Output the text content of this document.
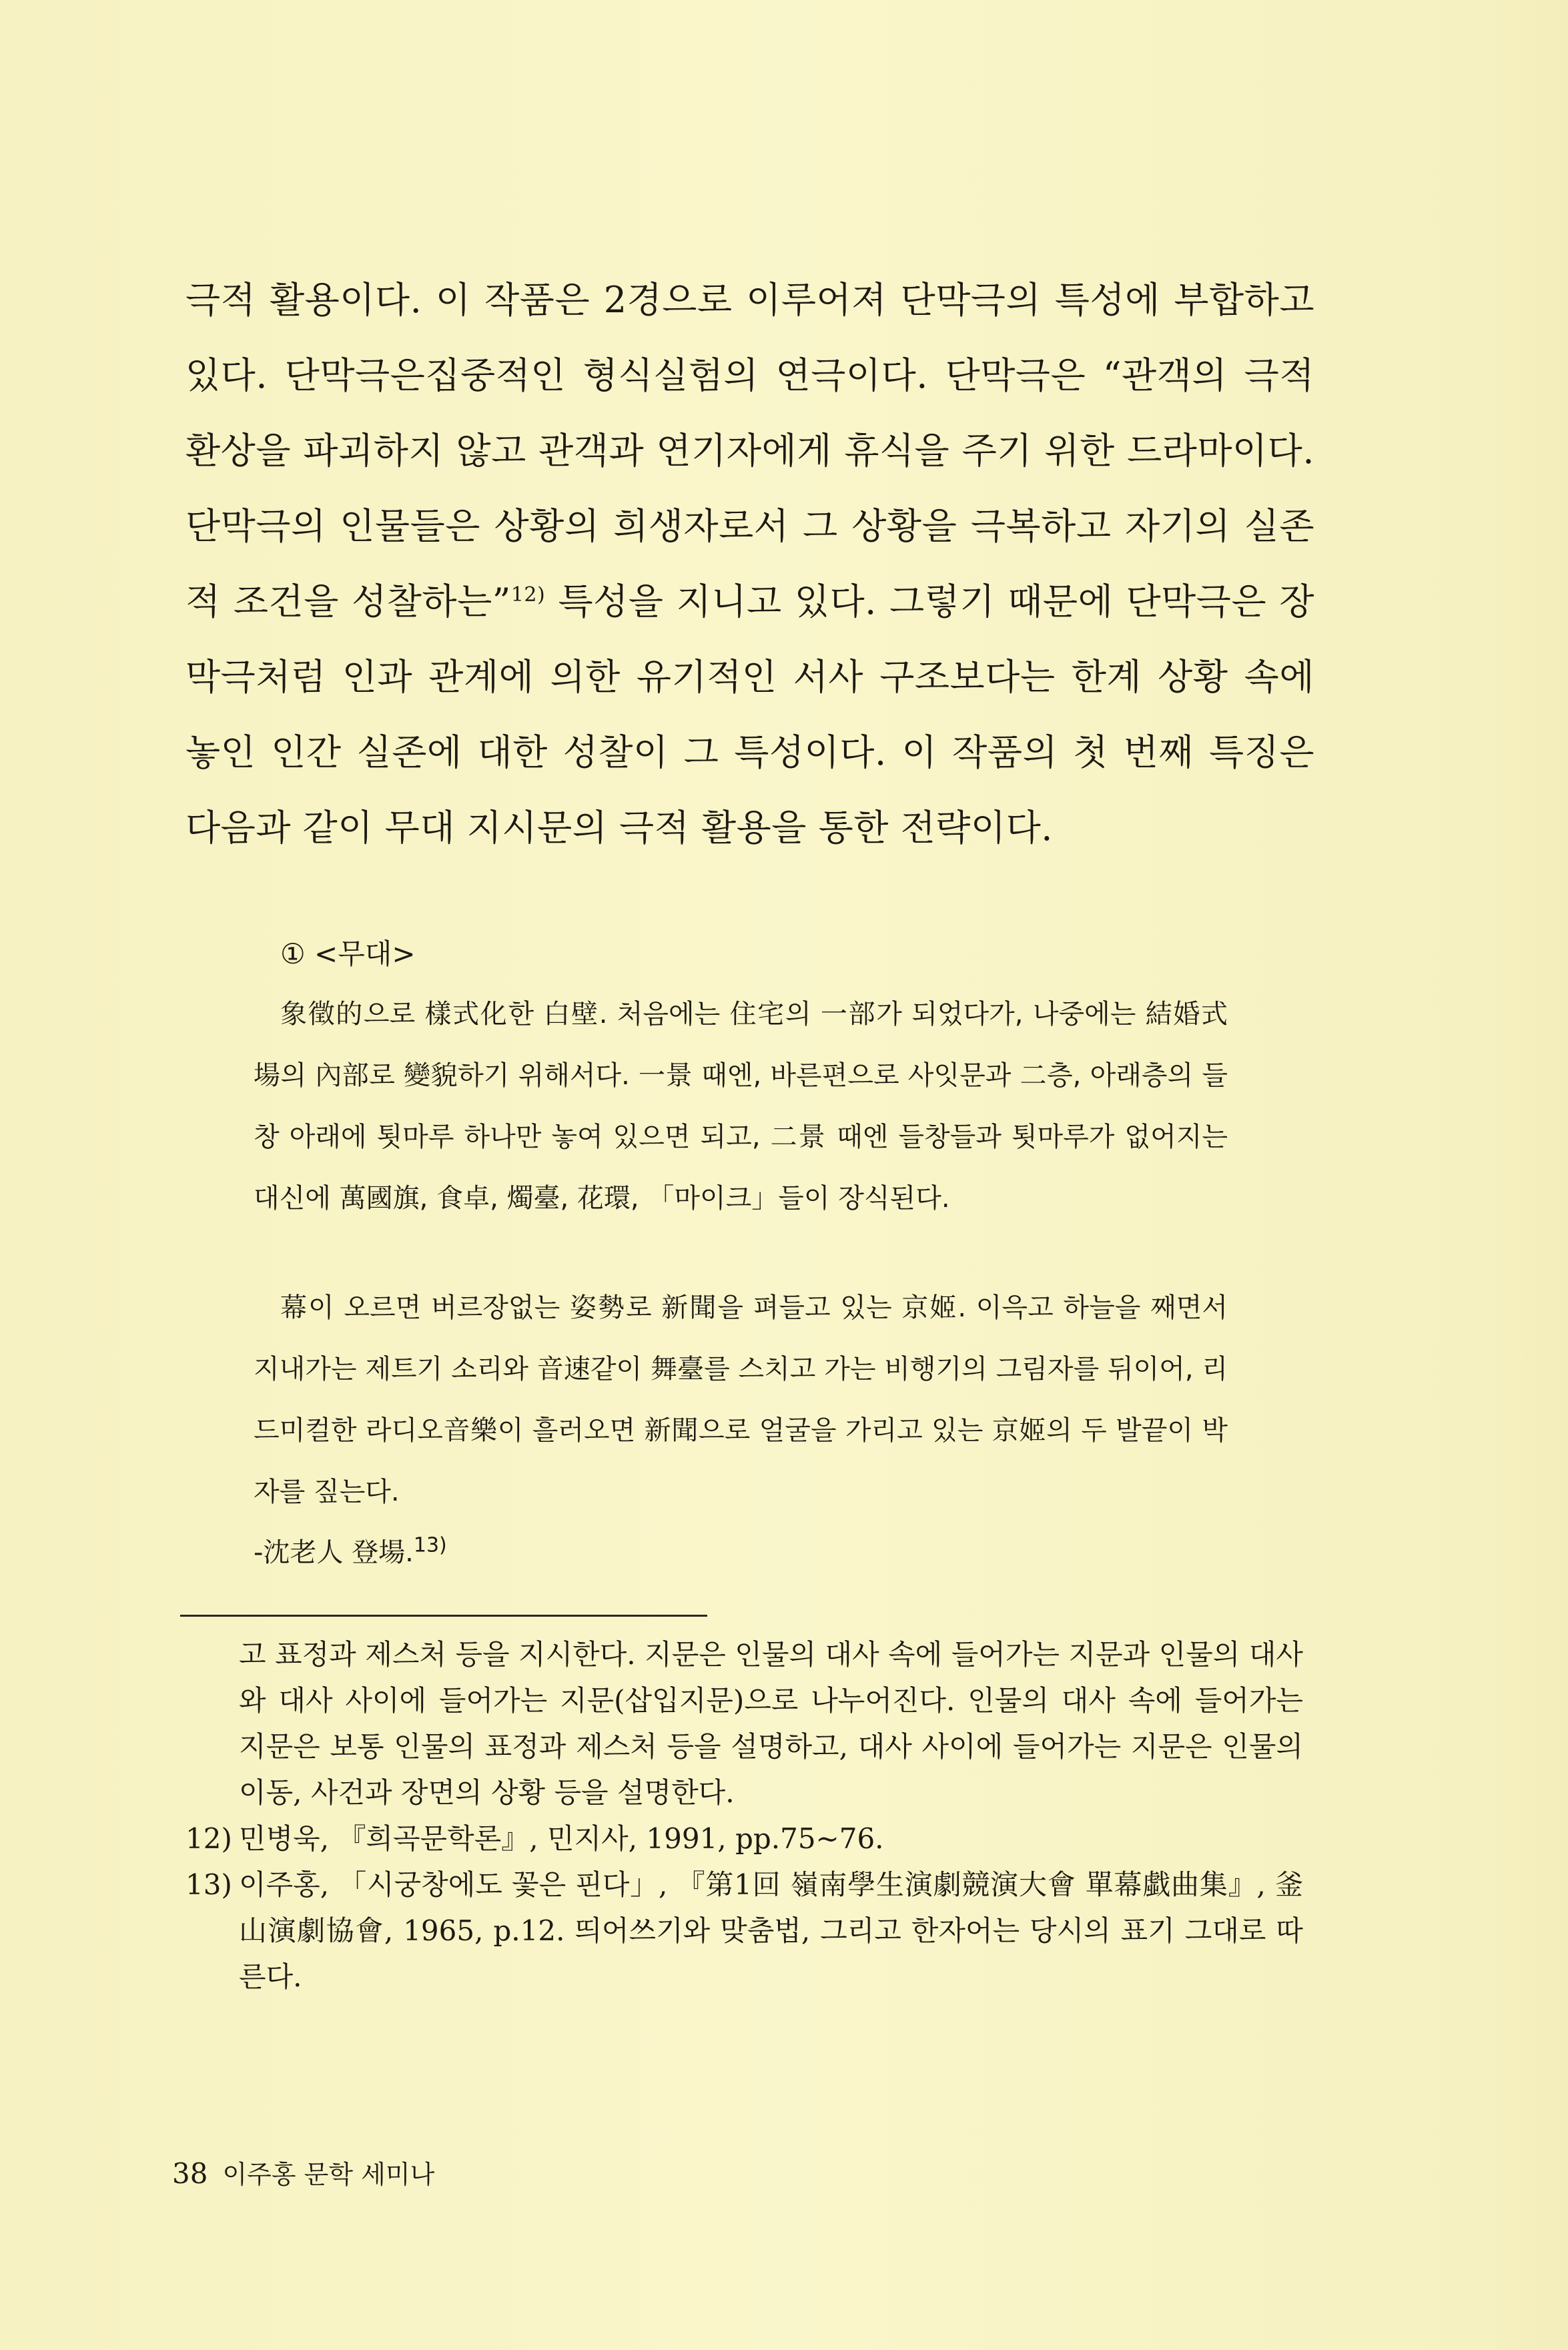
극적 활용이다. 이 작품은 2경으로 이루어져 단막극의 특성에 부합하고 있다. 단막극은집중적인 형식실험의 연극이다. 단막극은 “관객의 극적 환상을 파괴하지 않고 관객과 연기자에게 휴식을 주기 위한 드라마이다. 단막극의 인물들은 상황의 희생자로서 그 상황을 극복하고 자기의 실존적 조건을 성찰하는”$^{12)}$ 특성을 지니고 있다. 그렇기 때문에 단막극은 장막극처럼 인과 관계에 의한 유기적인 서사 구조보다는 한계 상황 속에 놓인 인간 실존에 대한 성찰이 그 특성이다. 이 작품의 첫 번째 특징은 다음과 같이 무대 지시문의 극적 활용을 통한 전략이다.

① <무대>

象徵的으로 樣式化한 白壁. 처음에는 住宅의 一部가 되었다가, 나중에는 結婚式場의 內部로 變貌하기 위해서다. 一景 때엔, 바른편으로 사잇문과 二층, 아래층의 들창 아래에 툇마루 하나만 놓여 있으면 되고, 二景 때엔 들창들과 툇마루가 없어지는 대신에 萬國旗, 食卓, 燭臺, 花環, 「마이크」들이 장식된다.

幕이 오르면 버르장없는 姿勢로 新聞을 펴들고 있는 京姬. 이윽고 하늘을 째면서 지내가는 제트기 소리와 音速같이 舞臺를 스치고 가는 비행기의 그림자를 뒤이어, 리드미컬한 라디오音樂이 흘러오면 新聞으로 얼굴을 가리고 있는 京姬의 두 발끝이 박자를 짚는다.

-沈老人 登場.$^{13)}$

고 표정과 제스처 등을 지시한다. 지문은 인물의 대사 속에 들어가는 지문과 인물의 대사와 대사 사이에 들어가는 지문(삽입지문)으로 나누어진다. 인물의 대사 속에 들어가는 지문은 보통 인물의 표정과 제스처 등을 설명하고, 대사 사이에 들어가는 지문은 인물의 이동, 사건과 장면의 상황 등을 설명한다.

12) 민병욱, 『희곡문학론』, 민지사, 1991, pp.75~76.
13) 이주홍, 「시궁창에도 꽃은 핀다」, 『第1回 嶺南學生演劇競演大會 單幕戱曲集』, 釜山演劇協會, 1965, p.12. 띄어쓰기와 맞춤법, 그리고 한자어는 당시의 표기 그대로 따른다.
38 이주홍 문학 세미나
